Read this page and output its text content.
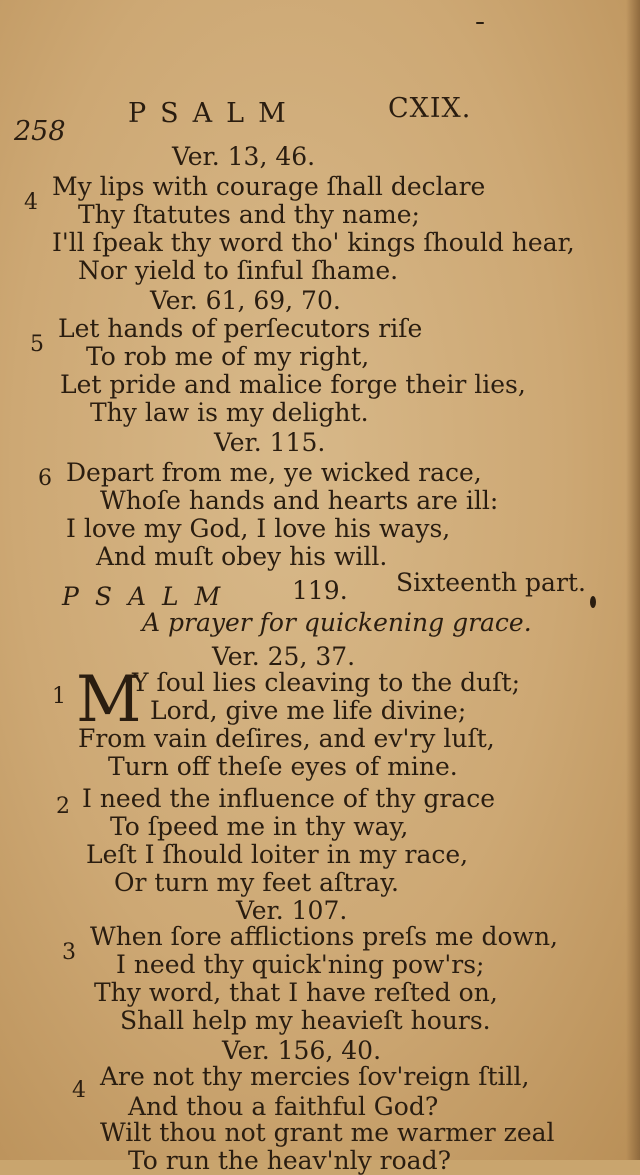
258
PSALM	CXIX.
Ver. 13, 46.
4
My lips with courage ſhall declare
Thy ſtatutes and thy name;
I'll ſpeak thy word tho' kings ſhould hear,
Nor yield to ſinful ſhame.
Ver. 61, 69, 70.
5
Let hands of perſecutors riſe
To rob me of my right,
Let pride and malice forge their lies,
Thy law is my delight.
Ver. 115.
6 Depart from me, ye wicked race,
Whoſe hands and hearts are ill:
I love my God, I love his ways,
And muſt obey his will.
PSALM 119. Sixteenth part.
A prayer for quickening grace.
Ver. 25, 37.
1 M
Y ſoul lies cleaving to the duſt;
Lord, give me life divine;
From vain deſires, and ev'ry luſt,
Turn off theſe eyes of mine.
2 I need the influence of thy grace
To ſpeed me in thy way,
Leſt I ſhould loiter in my race,
Or turn my feet aſtray.
Ver. 107.
3
When ſore afflictions preſs me down,
I need thy quick'ning pow'rs;
Thy word, that I have reſted on,
Shall help my heavieſt hours.
Ver. 156, 40.
4 Are not thy mercies ſov'reign ſtill,
And thou a faithful God?
Wilt thou not grant me warmer zeal
To run the heav'nly road?
